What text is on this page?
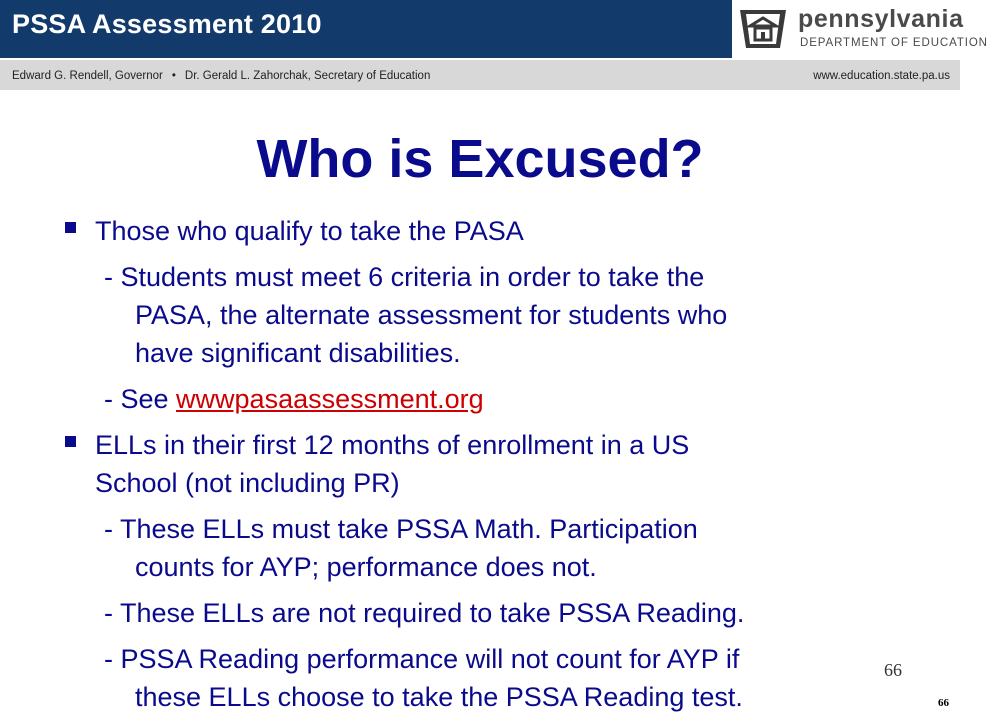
PSSA Assessment 2010	pennsylvania
DEPARTMENT OF EDUCATION
Edward G. Rendell, Governor • Dr. Gerald L. Zahorchak, Secretary of Education	www.education.state.pa.us
Who is Excused?
Those who qualify to take the PASA
- Students must meet 6 criteria in order to take the
PASA, the alternate assessment for students who
have significant disabilities.
- See wwwpasaassessment.org
ELLs in their first 12 months of enrollment in a US
School (not including PR)
- These ELLs must take PSSA Math. Participation
counts for AYP; performance does not.
- These ELLs are not required to take PSSA Reading.
- PSSA Reading performance will not count for AYP if
these ELLs choose to take the PSSA Reading test.
66
66
